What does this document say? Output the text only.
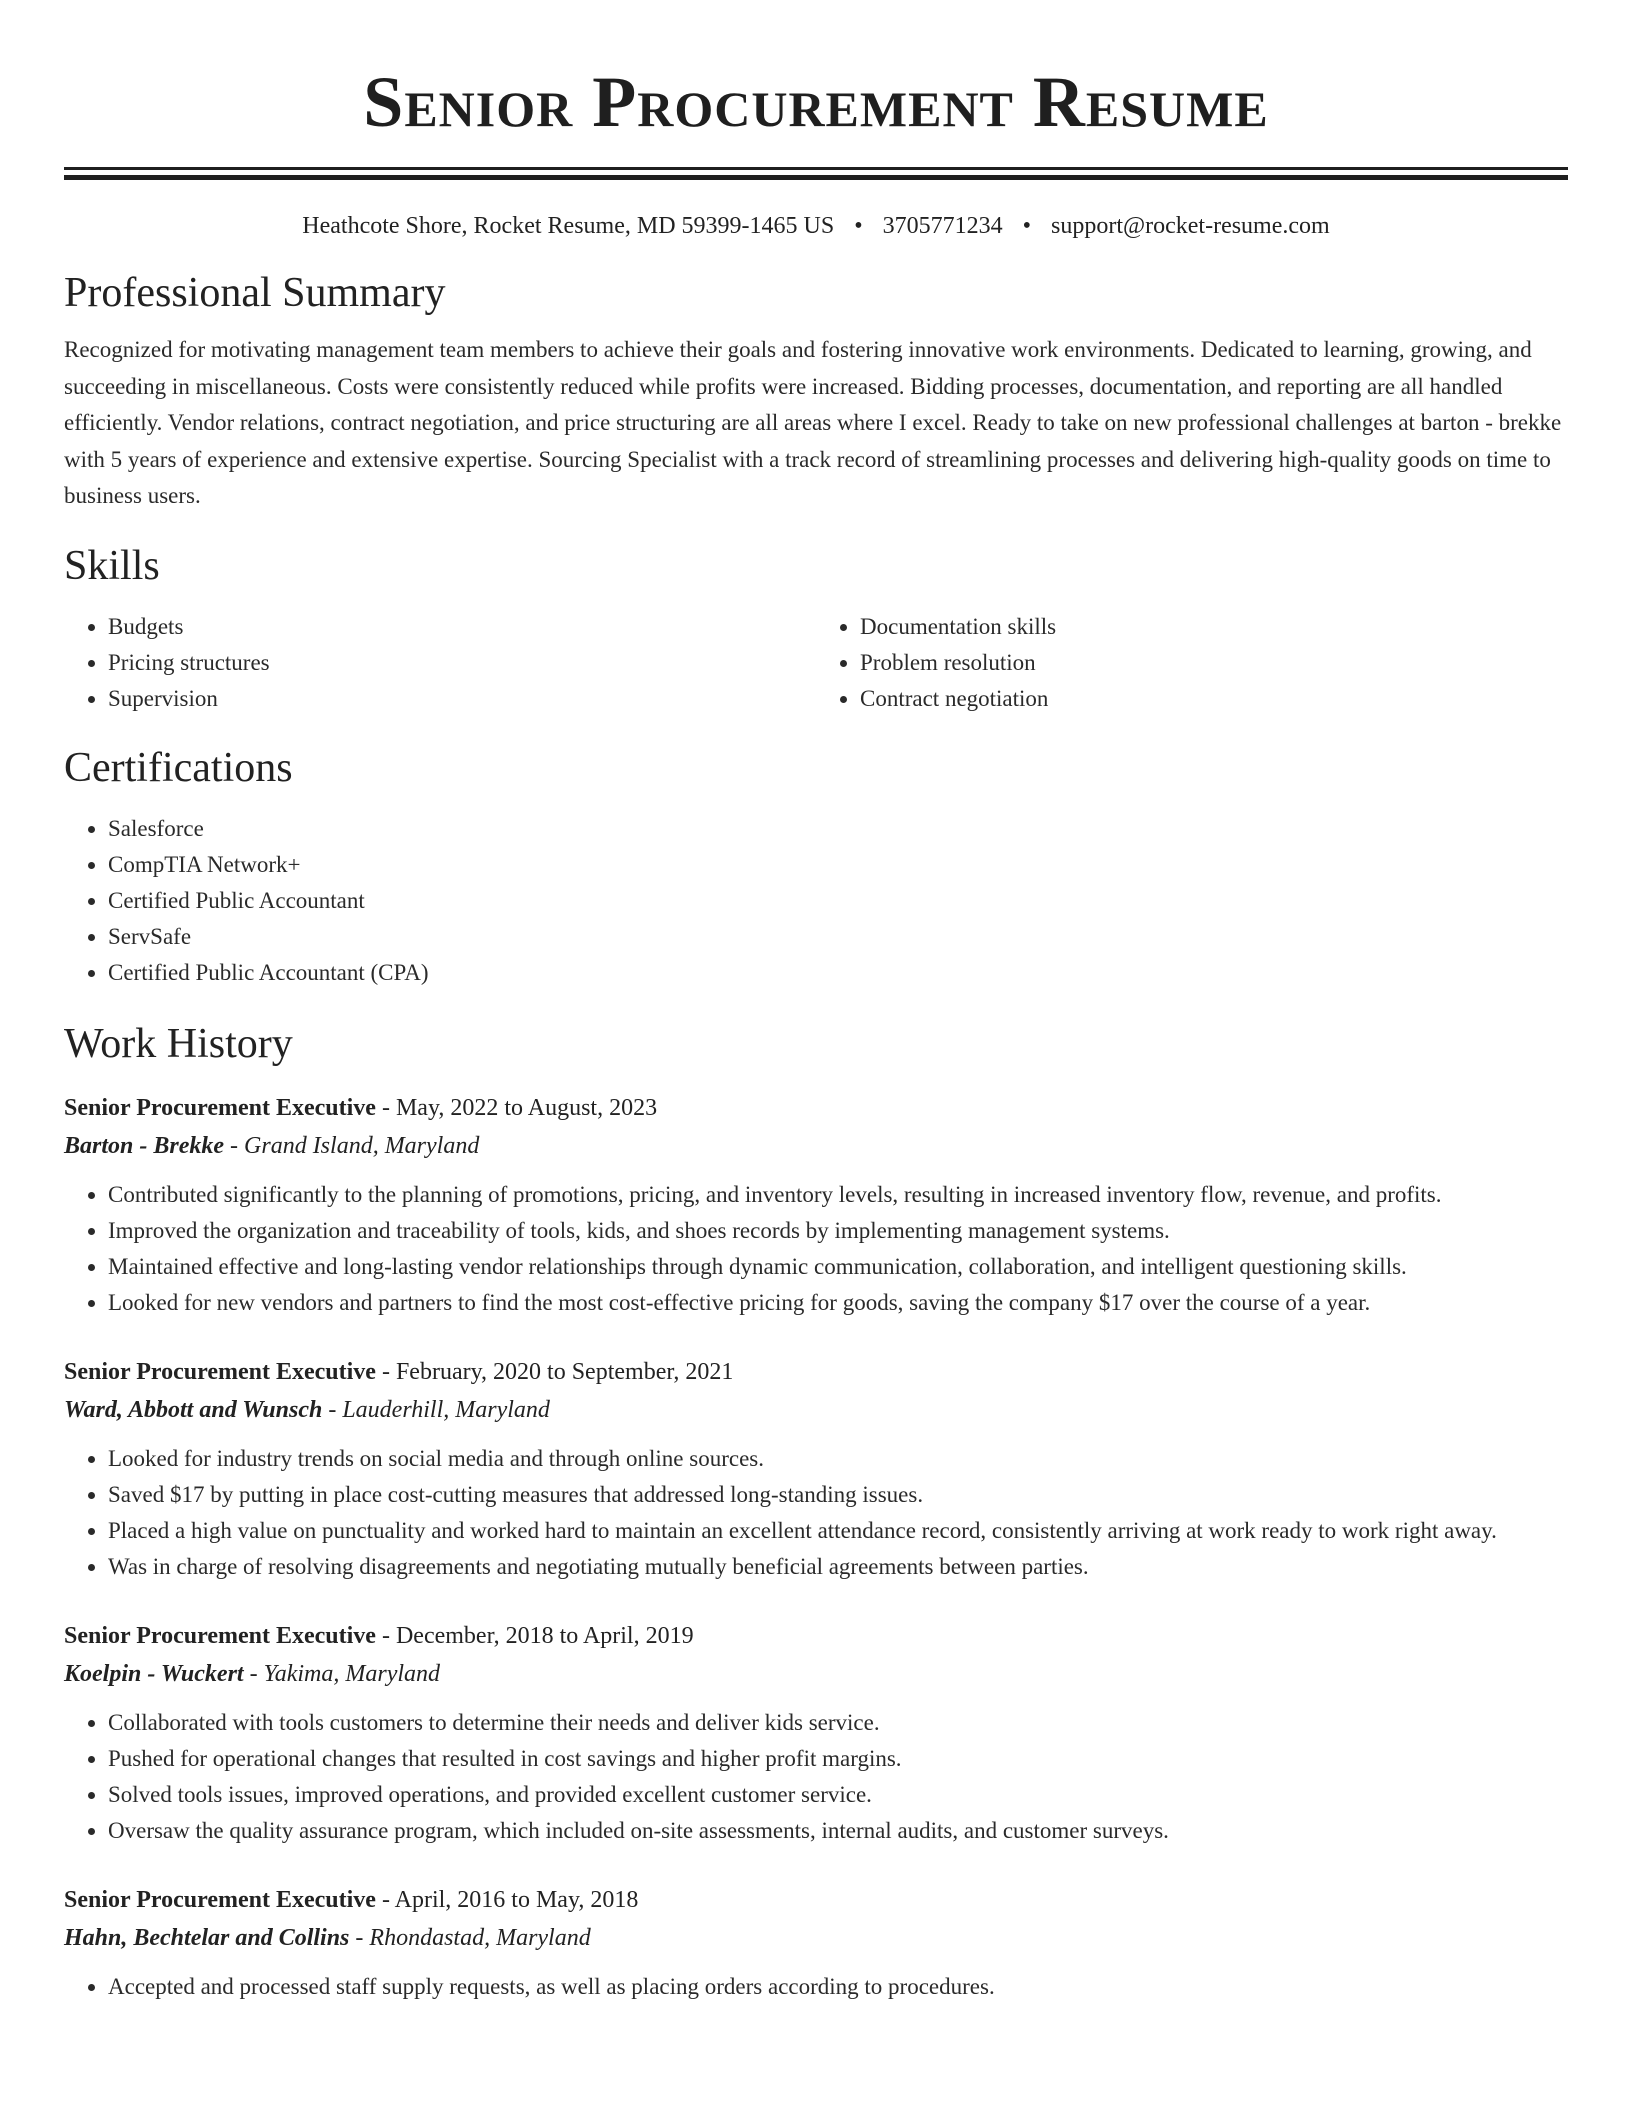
Senior Procurement Resume
Heathcote Shore, Rocket Resume, MD 59399-1465 US • 3705771234 • support@rocket-resume.com
Professional Summary

Recognized for motivating management team members to achieve their goals and fostering innovative work environments. Dedicated to learning, growing, and succeeding in miscellaneous. Costs were consistently reduced while profits were increased. Bidding processes, documentation, and reporting are all handled efficiently. Vendor relations, contract negotiation, and price structuring are all areas where I excel. Ready to take on new professional challenges at barton - brekke with 5 years of experience and extensive expertise. Sourcing Specialist with a track record of streamlining processes and delivering high-quality goods on time to business users.

Skills
• Budgets
• Pricing structures
• Supervision
• Documentation skills
• Problem resolution
• Contract negotiation
Certifications
• Salesforce
• CompTIA Network+
• Certified Public Accountant
• ServSafe
• Certified Public Accountant (CPA)
Work History
Senior Procurement Executive - May, 2022 to August, 2023
Barton - Brekke - Grand Island, Maryland
• Contributed significantly to the planning of promotions, pricing, and inventory levels, resulting in increased inventory flow, revenue, and profits.
• Improved the organization and traceability of tools, kids, and shoes records by implementing management systems.
• Maintained effective and long-lasting vendor relationships through dynamic communication, collaboration, and intelligent questioning skills.
• Looked for new vendors and partners to find the most cost-effective pricing for goods, saving the company $17 over the course of a year.
Senior Procurement Executive - February, 2020 to September, 2021
Ward, Abbott and Wunsch - Lauderhill, Maryland
• Looked for industry trends on social media and through online sources.
• Saved $17 by putting in place cost-cutting measures that addressed long-standing issues.
• Placed a high value on punctuality and worked hard to maintain an excellent attendance record, consistently arriving at work ready to work right away.
• Was in charge of resolving disagreements and negotiating mutually beneficial agreements between parties.
Senior Procurement Executive - December, 2018 to April, 2019
Koelpin - Wuckert - Yakima, Maryland
• Collaborated with tools customers to determine their needs and deliver kids service.
• Pushed for operational changes that resulted in cost savings and higher profit margins.
• Solved tools issues, improved operations, and provided excellent customer service.
• Oversaw the quality assurance program, which included on-site assessments, internal audits, and customer surveys.
Senior Procurement Executive - April, 2016 to May, 2018
Hahn, Bechtelar and Collins - Rhondastad, Maryland
• Accepted and processed staff supply requests, as well as placing orders according to procedures.
